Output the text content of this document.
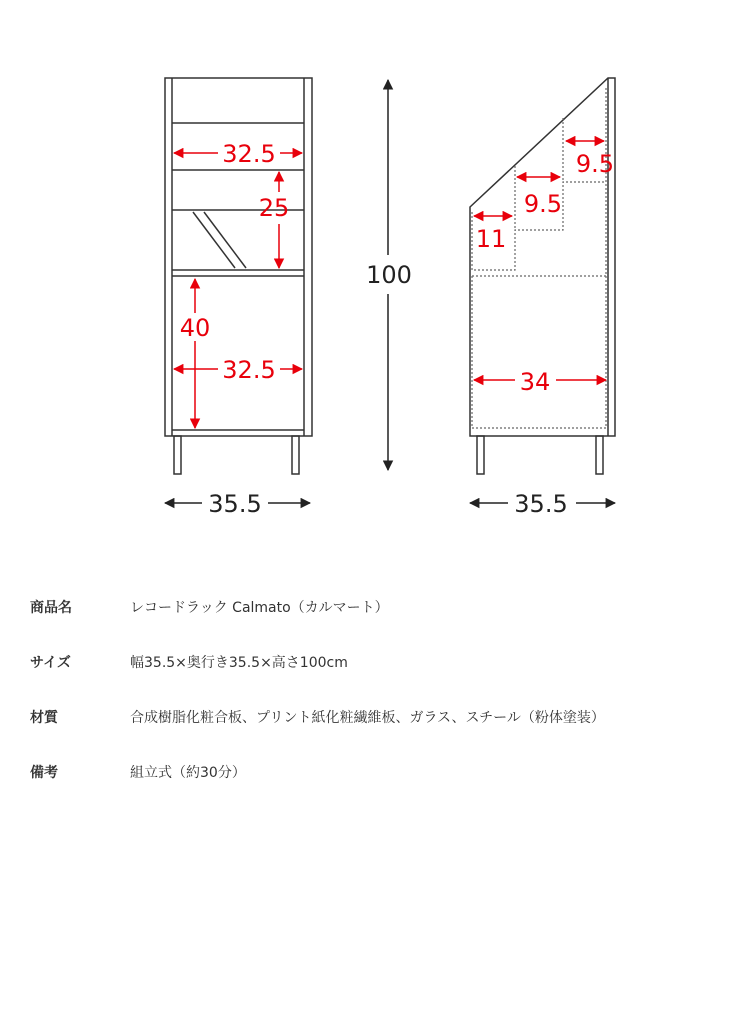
32.5
25
40
32.5
35.5
100
11
9.5
9.5
34
35.5
商品名	レコードラック Calmato（カルマート）
サイズ	幅35.5×奥行き35.5×高さ100cm
材質	合成樹脂化粧合板、プリント紙化粧繊維板、ガラス、スチール（粉体塗装）
備考	組立式（約30分）
